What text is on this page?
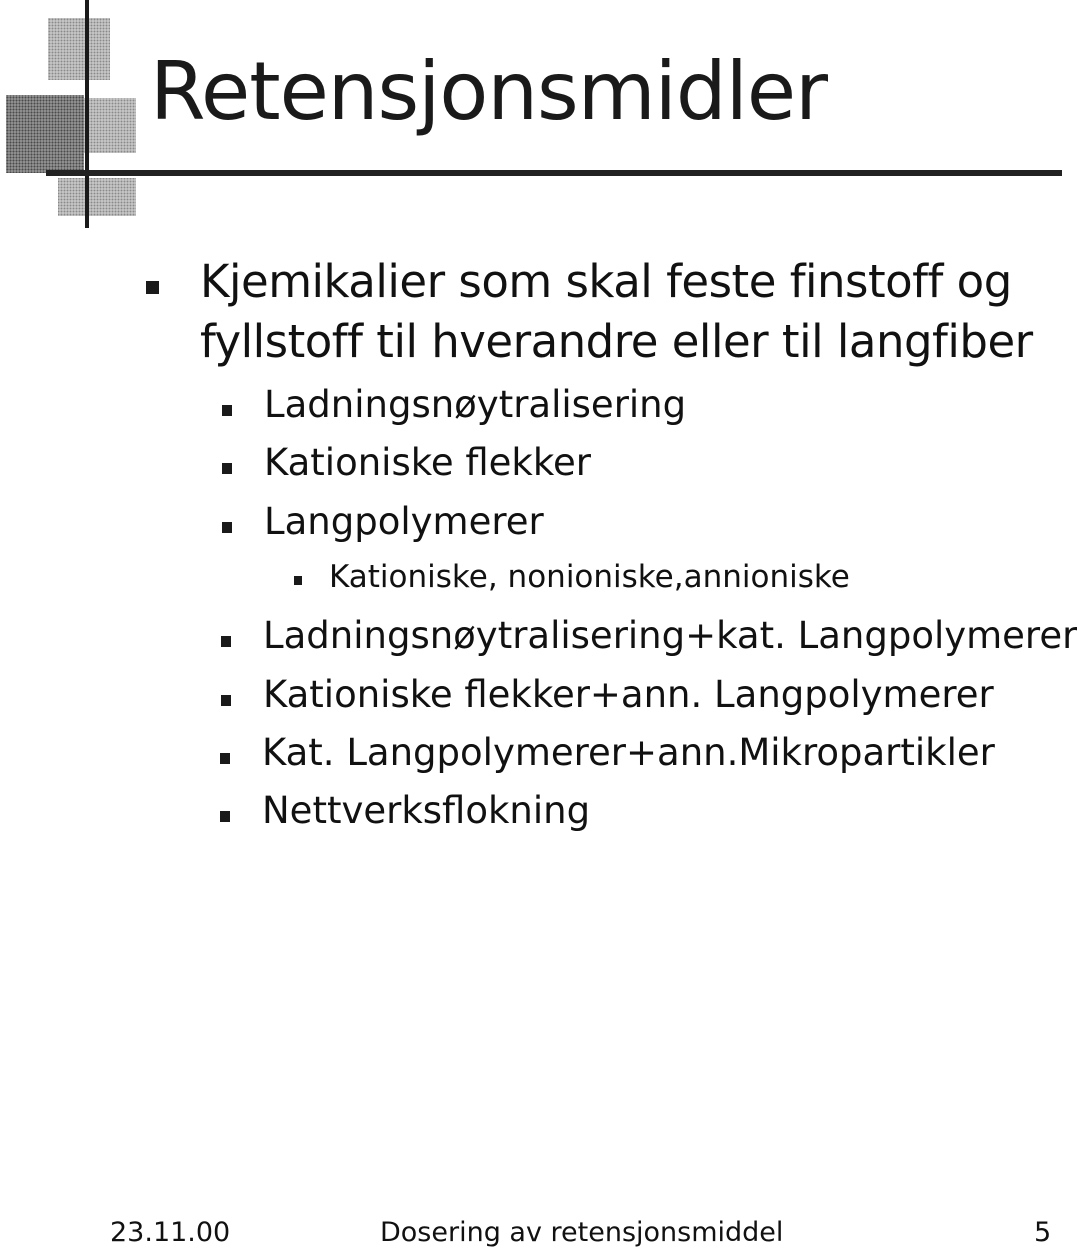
Retensjonsmidler
Kjemikalier som skal feste finstoff og fyllstoff til hverandre eller til langfiber
Ladningsnøytralisering
Kationiske flekker
Langpolymerer
Kationiske, nonioniske,annioniske
Ladningsnøytralisering+kat. Langpolymerer
Kationiske flekker+ann. Langpolymerer
Kat. Langpolymerer+ann.Mikropartikler
Nettverksflokning
23.11.00	Dosering av retensjonsmiddel	5
